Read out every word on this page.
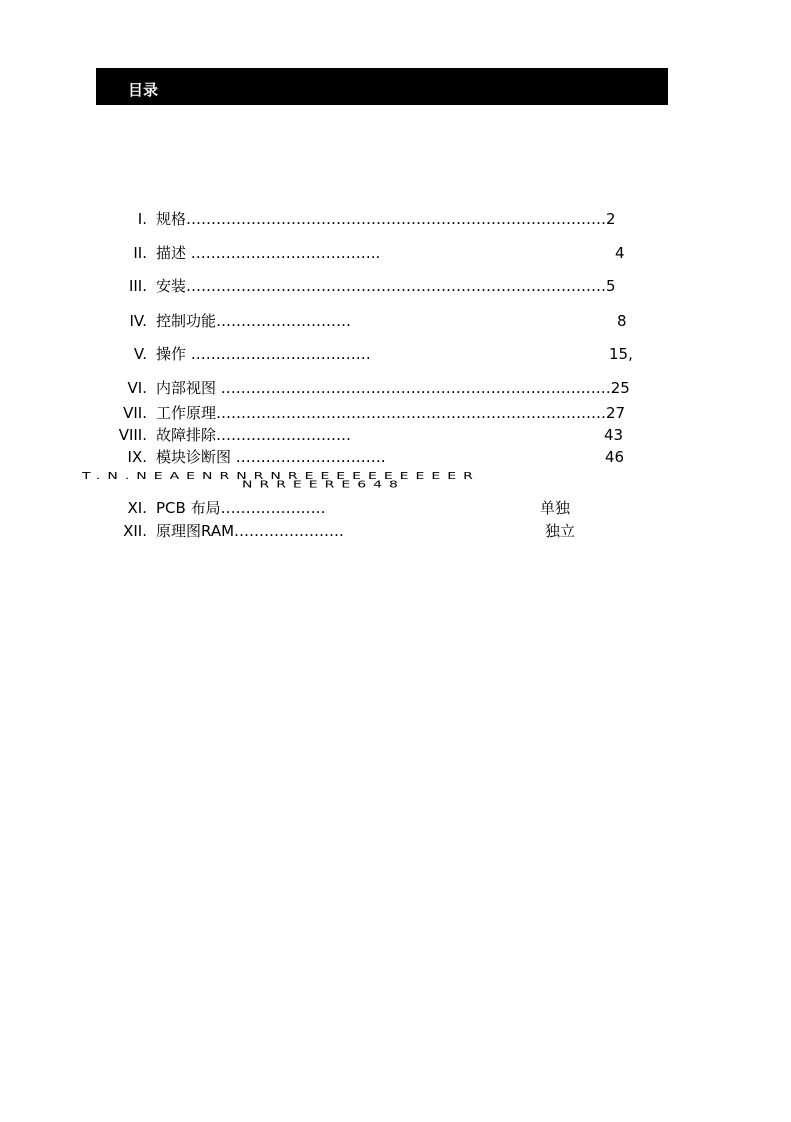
目录
I. 规格…………………………………………………………………………2
II. 描述 ………………………………..	4
III. 安装…………………………………………………………………………5
IV. 控制功能………………………	8
V. 操作 ………………………………	15,
VI. 内部视图 ……………………………………………………………………25
VII. 工作原理……………………………………………………………………27
VIII. 故障排除………………………	43
IX. 模块诊断图 …………………………	46
T.N.NEAENRNRNREEEEEEEEEER
NRREERE648
XI. PCB 布局…………………	单独
XII. 原理图RAM………………….	独立
